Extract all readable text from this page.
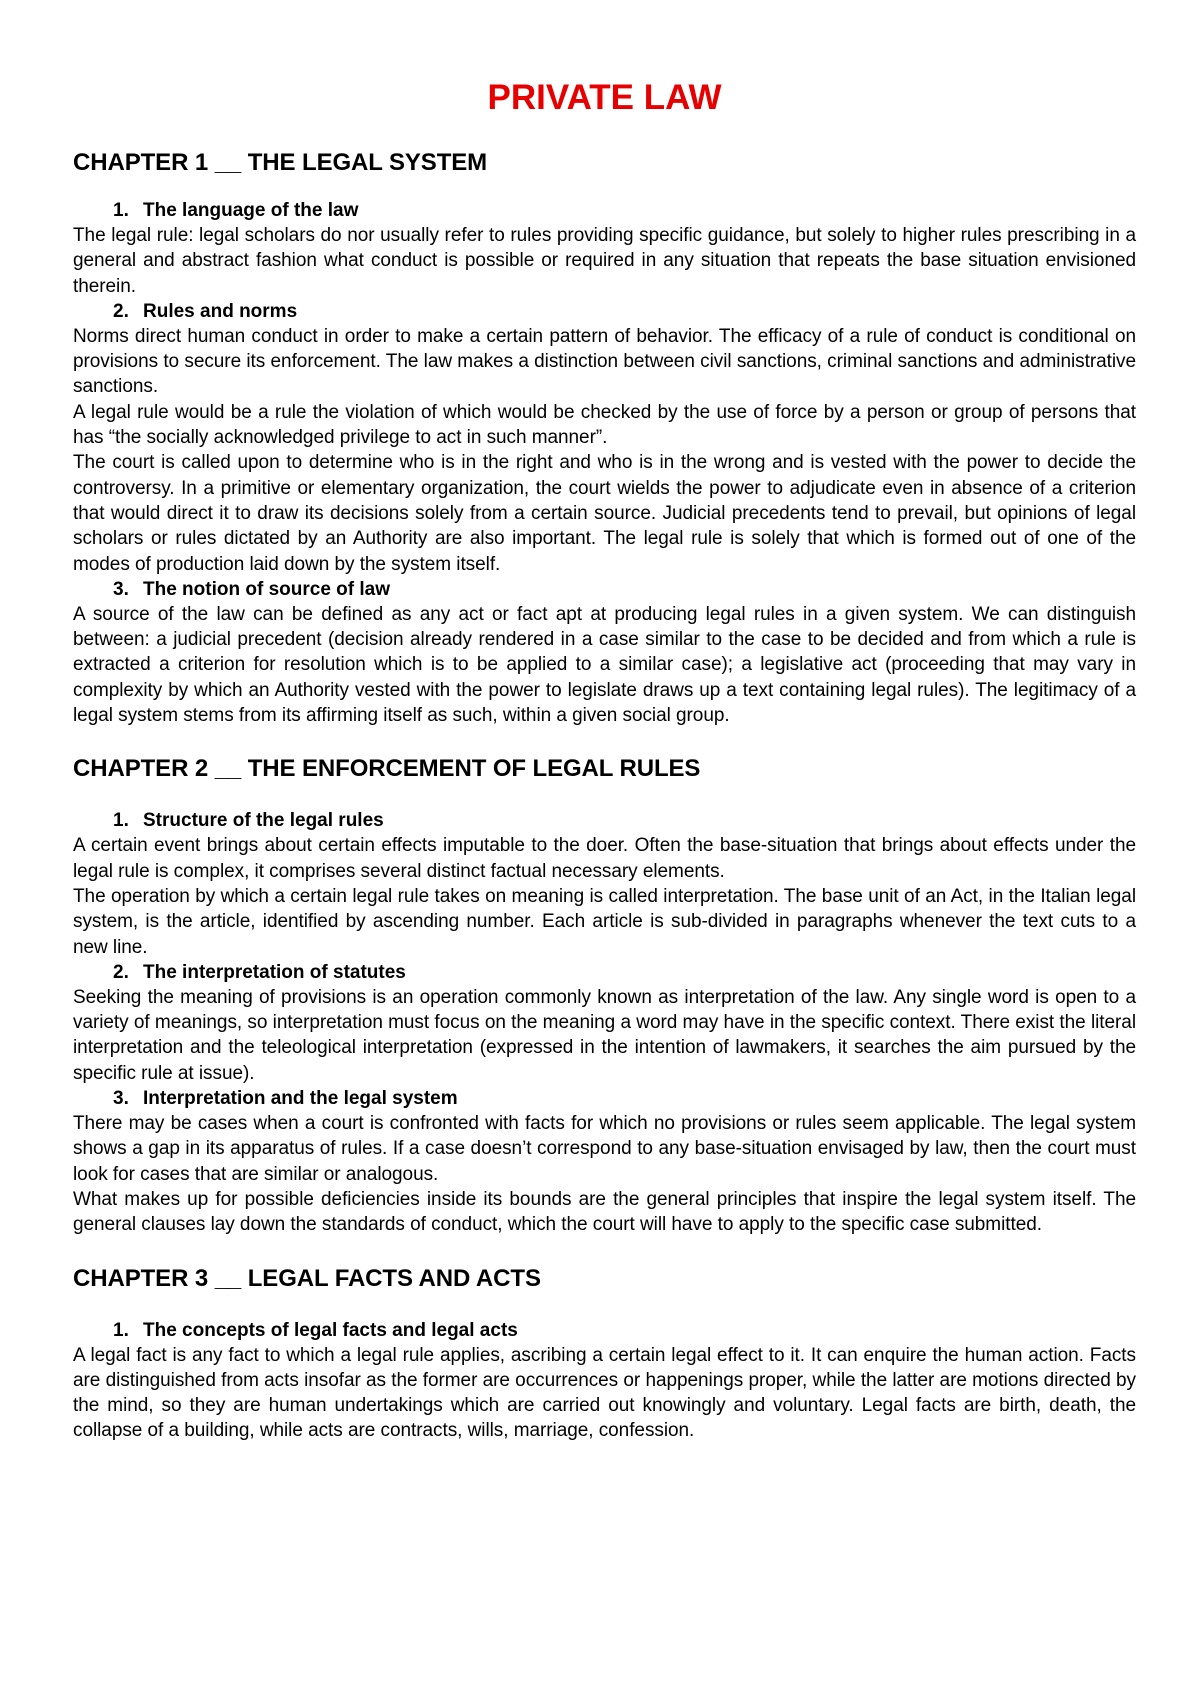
PRIVATE LAW
CHAPTER 1 __ THE LEGAL SYSTEM
1. The language of the law

The legal rule: legal scholars do nor usually refer to rules providing specific guidance, but solely to higher rules prescribing in a general and abstract fashion what conduct is possible or required in any situation that repeats the base situation envisioned therein.

2. Rules and norms

Norms direct human conduct in order to make a certain pattern of behavior. The efficacy of a rule of conduct is conditional on provisions to secure its enforcement. The law makes a distinction between civil sanctions, criminal sanctions and administrative sanctions.

A legal rule would be a rule the violation of which would be checked by the use of force by a person or group of persons that has “the socially acknowledged privilege to act in such manner”.

The court is called upon to determine who is in the right and who is in the wrong and is vested with the power to decide the controversy. In a primitive or elementary organization, the court wields the power to adjudicate even in absence of a criterion that would direct it to draw its decisions solely from a certain source. Judicial precedents tend to prevail, but opinions of legal scholars or rules dictated by an Authority are also important. The legal rule is solely that which is formed out of one of the modes of production laid down by the system itself.

3. The notion of source of law

A source of the law can be defined as any act or fact apt at producing legal rules in a given system. We can distinguish between: a judicial precedent (decision already rendered in a case similar to the case to be decided and from which a rule is extracted a criterion for resolution which is to be applied to a similar case); a legislative act (proceeding that may vary in complexity by which an Authority vested with the power to legislate draws up a text containing legal rules). The legitimacy of a legal system stems from its affirming itself as such, within a given social group.

CHAPTER 2 __ THE ENFORCEMENT OF LEGAL RULES
1. Structure of the legal rules

A certain event brings about certain effects imputable to the doer. Often the base-situation that brings about effects under the legal rule is complex, it comprises several distinct factual necessary elements.

The operation by which a certain legal rule takes on meaning is called interpretation. The base unit of an Act, in the Italian legal system, is the article, identified by ascending number. Each article is sub-divided in paragraphs whenever the text cuts to a new line.

2. The interpretation of statutes

Seeking the meaning of provisions is an operation commonly known as interpretation of the law. Any single word is open to a variety of meanings, so interpretation must focus on the meaning a word may have in the specific context. There exist the literal interpretation and the teleological interpretation (expressed in the intention of lawmakers, it searches the aim pursued by the specific rule at issue).

3. Interpretation and the legal system

There may be cases when a court is confronted with facts for which no provisions or rules seem applicable. The legal system shows a gap in its apparatus of rules. If a case doesn’t correspond to any base-situation envisaged by law, then the court must look for cases that are similar or analogous.

What makes up for possible deficiencies inside its bounds are the general principles that inspire the legal system itself. The general clauses lay down the standards of conduct, which the court will have to apply to the specific case submitted.

CHAPTER 3 __ LEGAL FACTS AND ACTS
1. The concepts of legal facts and legal acts

A legal fact is any fact to which a legal rule applies, ascribing a certain legal effect to it. It can enquire the human action. Facts are distinguished from acts insofar as the former are occurrences or happenings proper, while the latter are motions directed by the mind, so they are human undertakings which are carried out knowingly and voluntary. Legal facts are birth, death, the collapse of a building, while acts are contracts, wills, marriage, confession.
